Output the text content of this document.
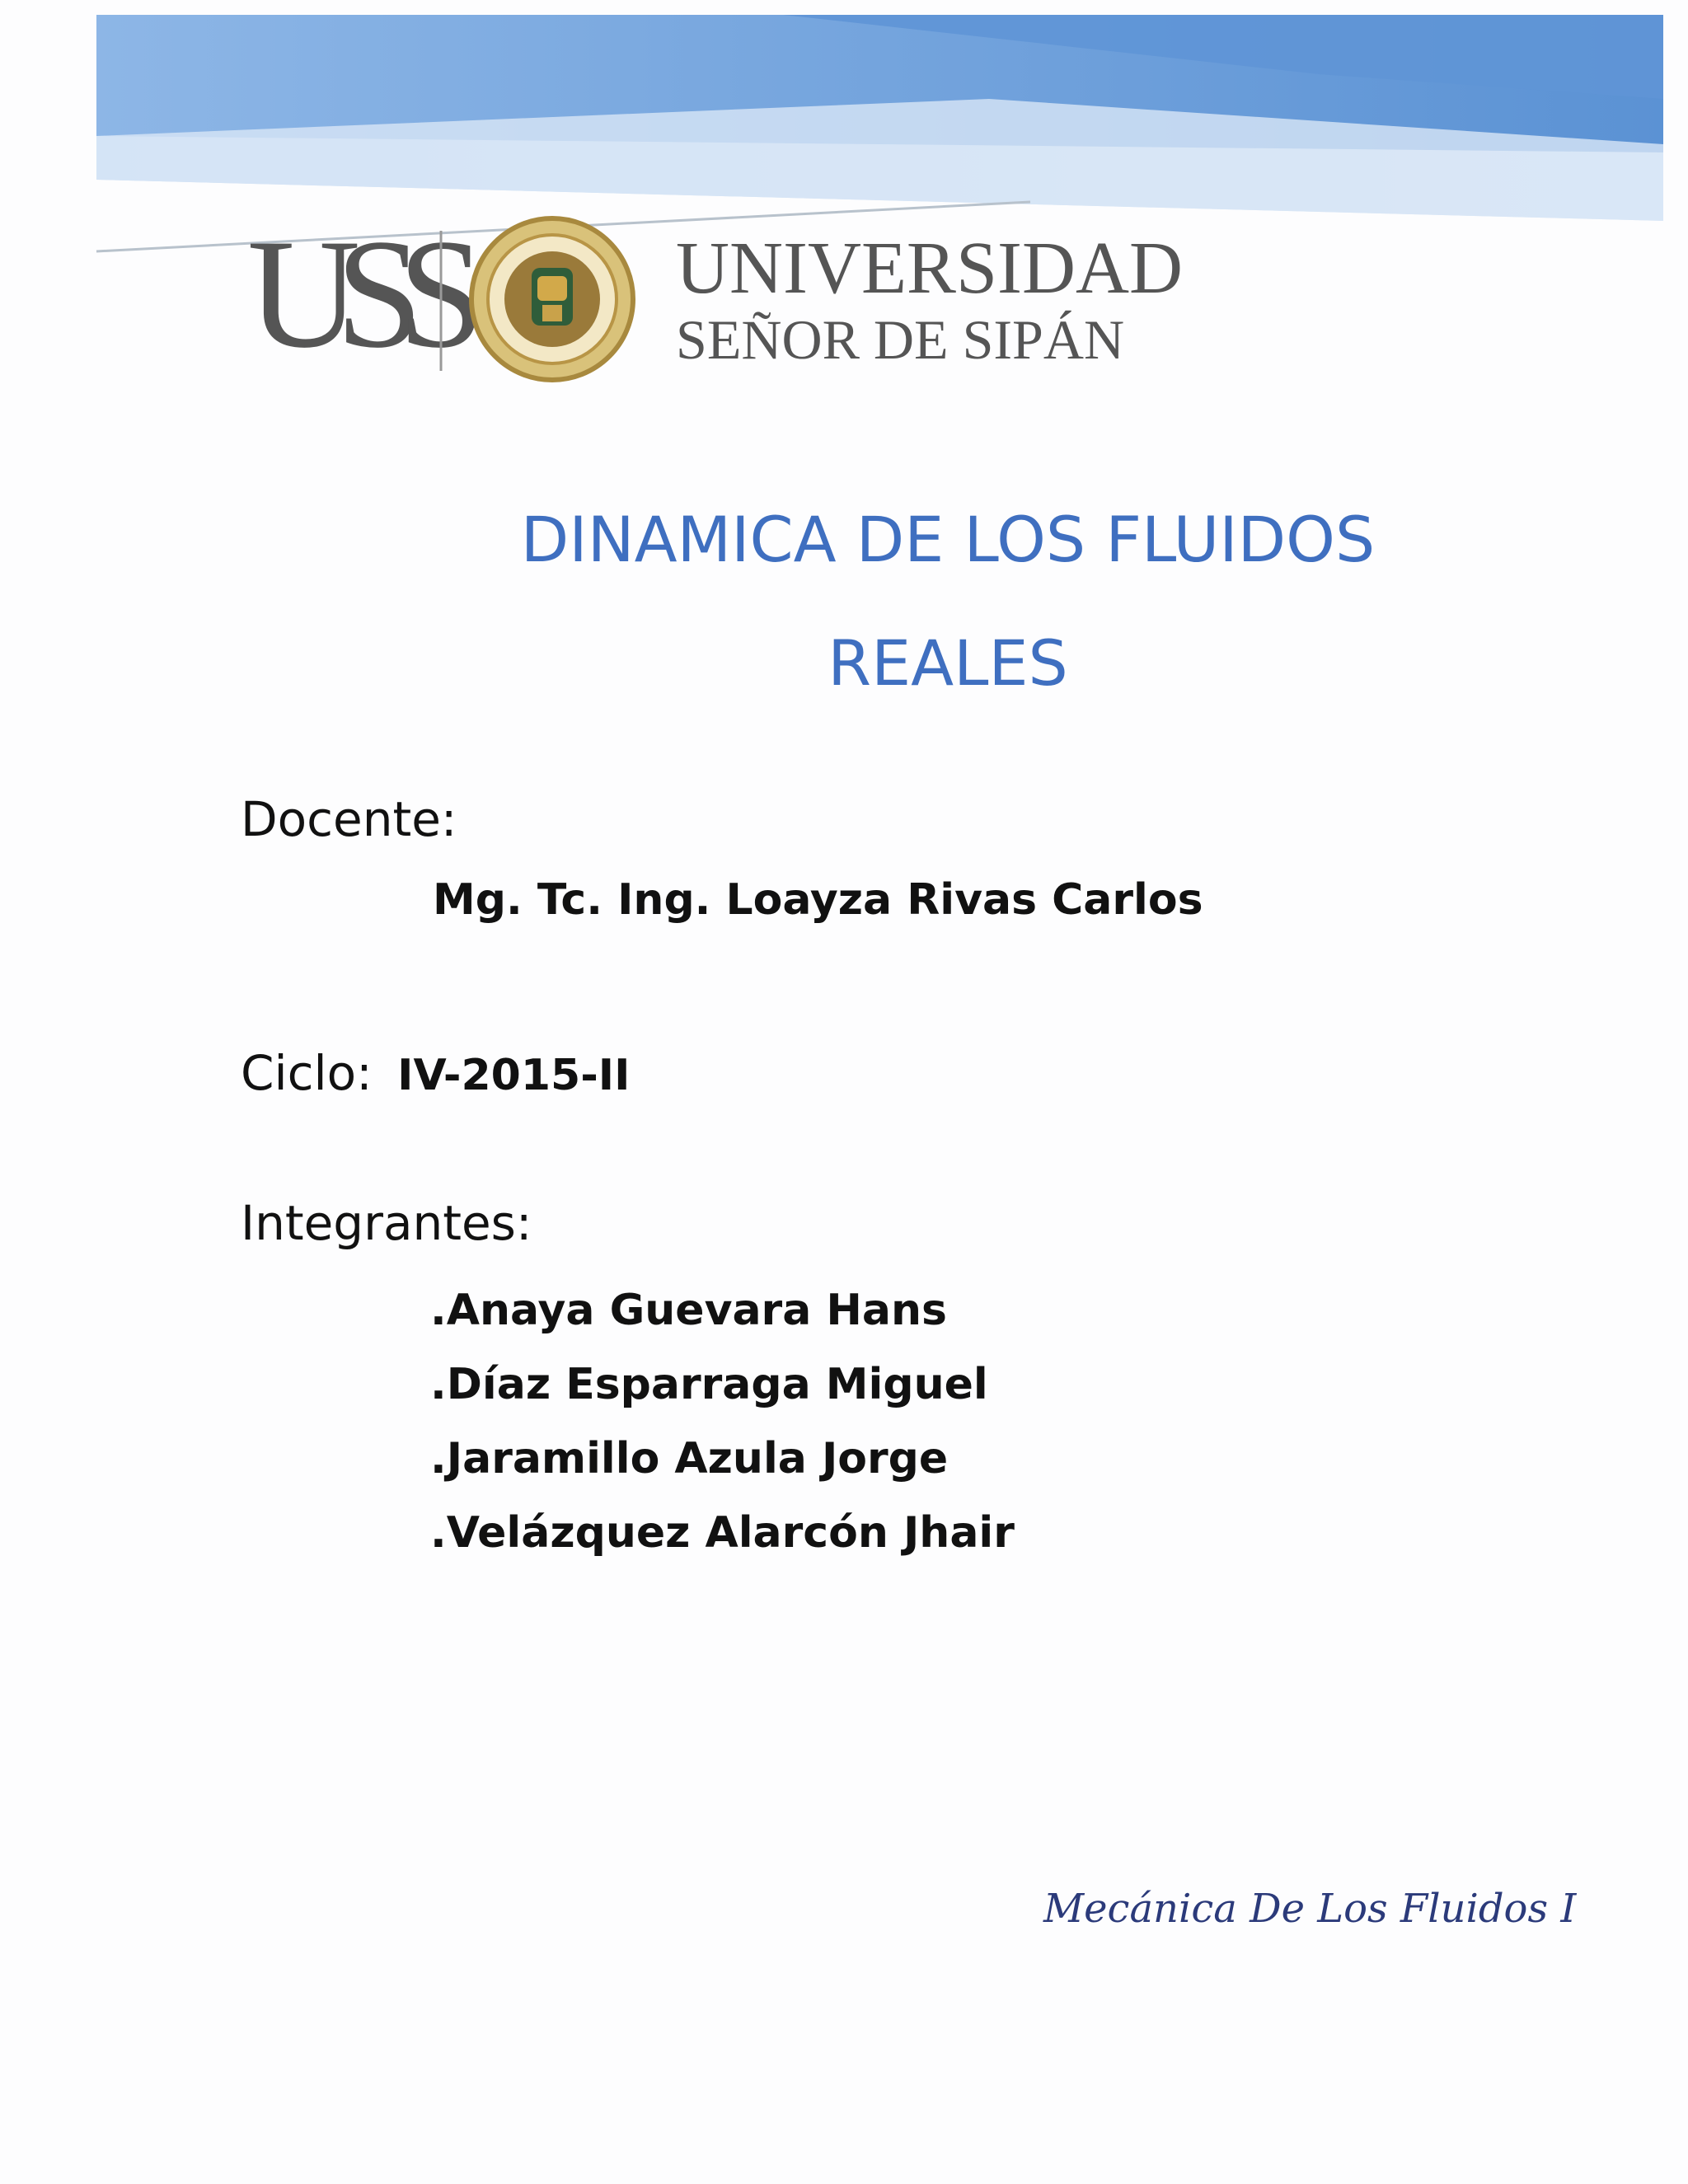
USS	UNIVERSIDAD
SEÑOR DE SIPÁN
DINAMICA DE LOS FLUIDOS
REALES
Docente:
Mg. Tc. Ing. Loayza Rivas Carlos
Ciclo: IV-2015-II
Integrantes:
.Anaya Guevara Hans
.Díaz Esparraga Miguel
.Jaramillo Azula Jorge
.Velázquez Alarcón Jhair
Mecánica De Los Fluidos I
